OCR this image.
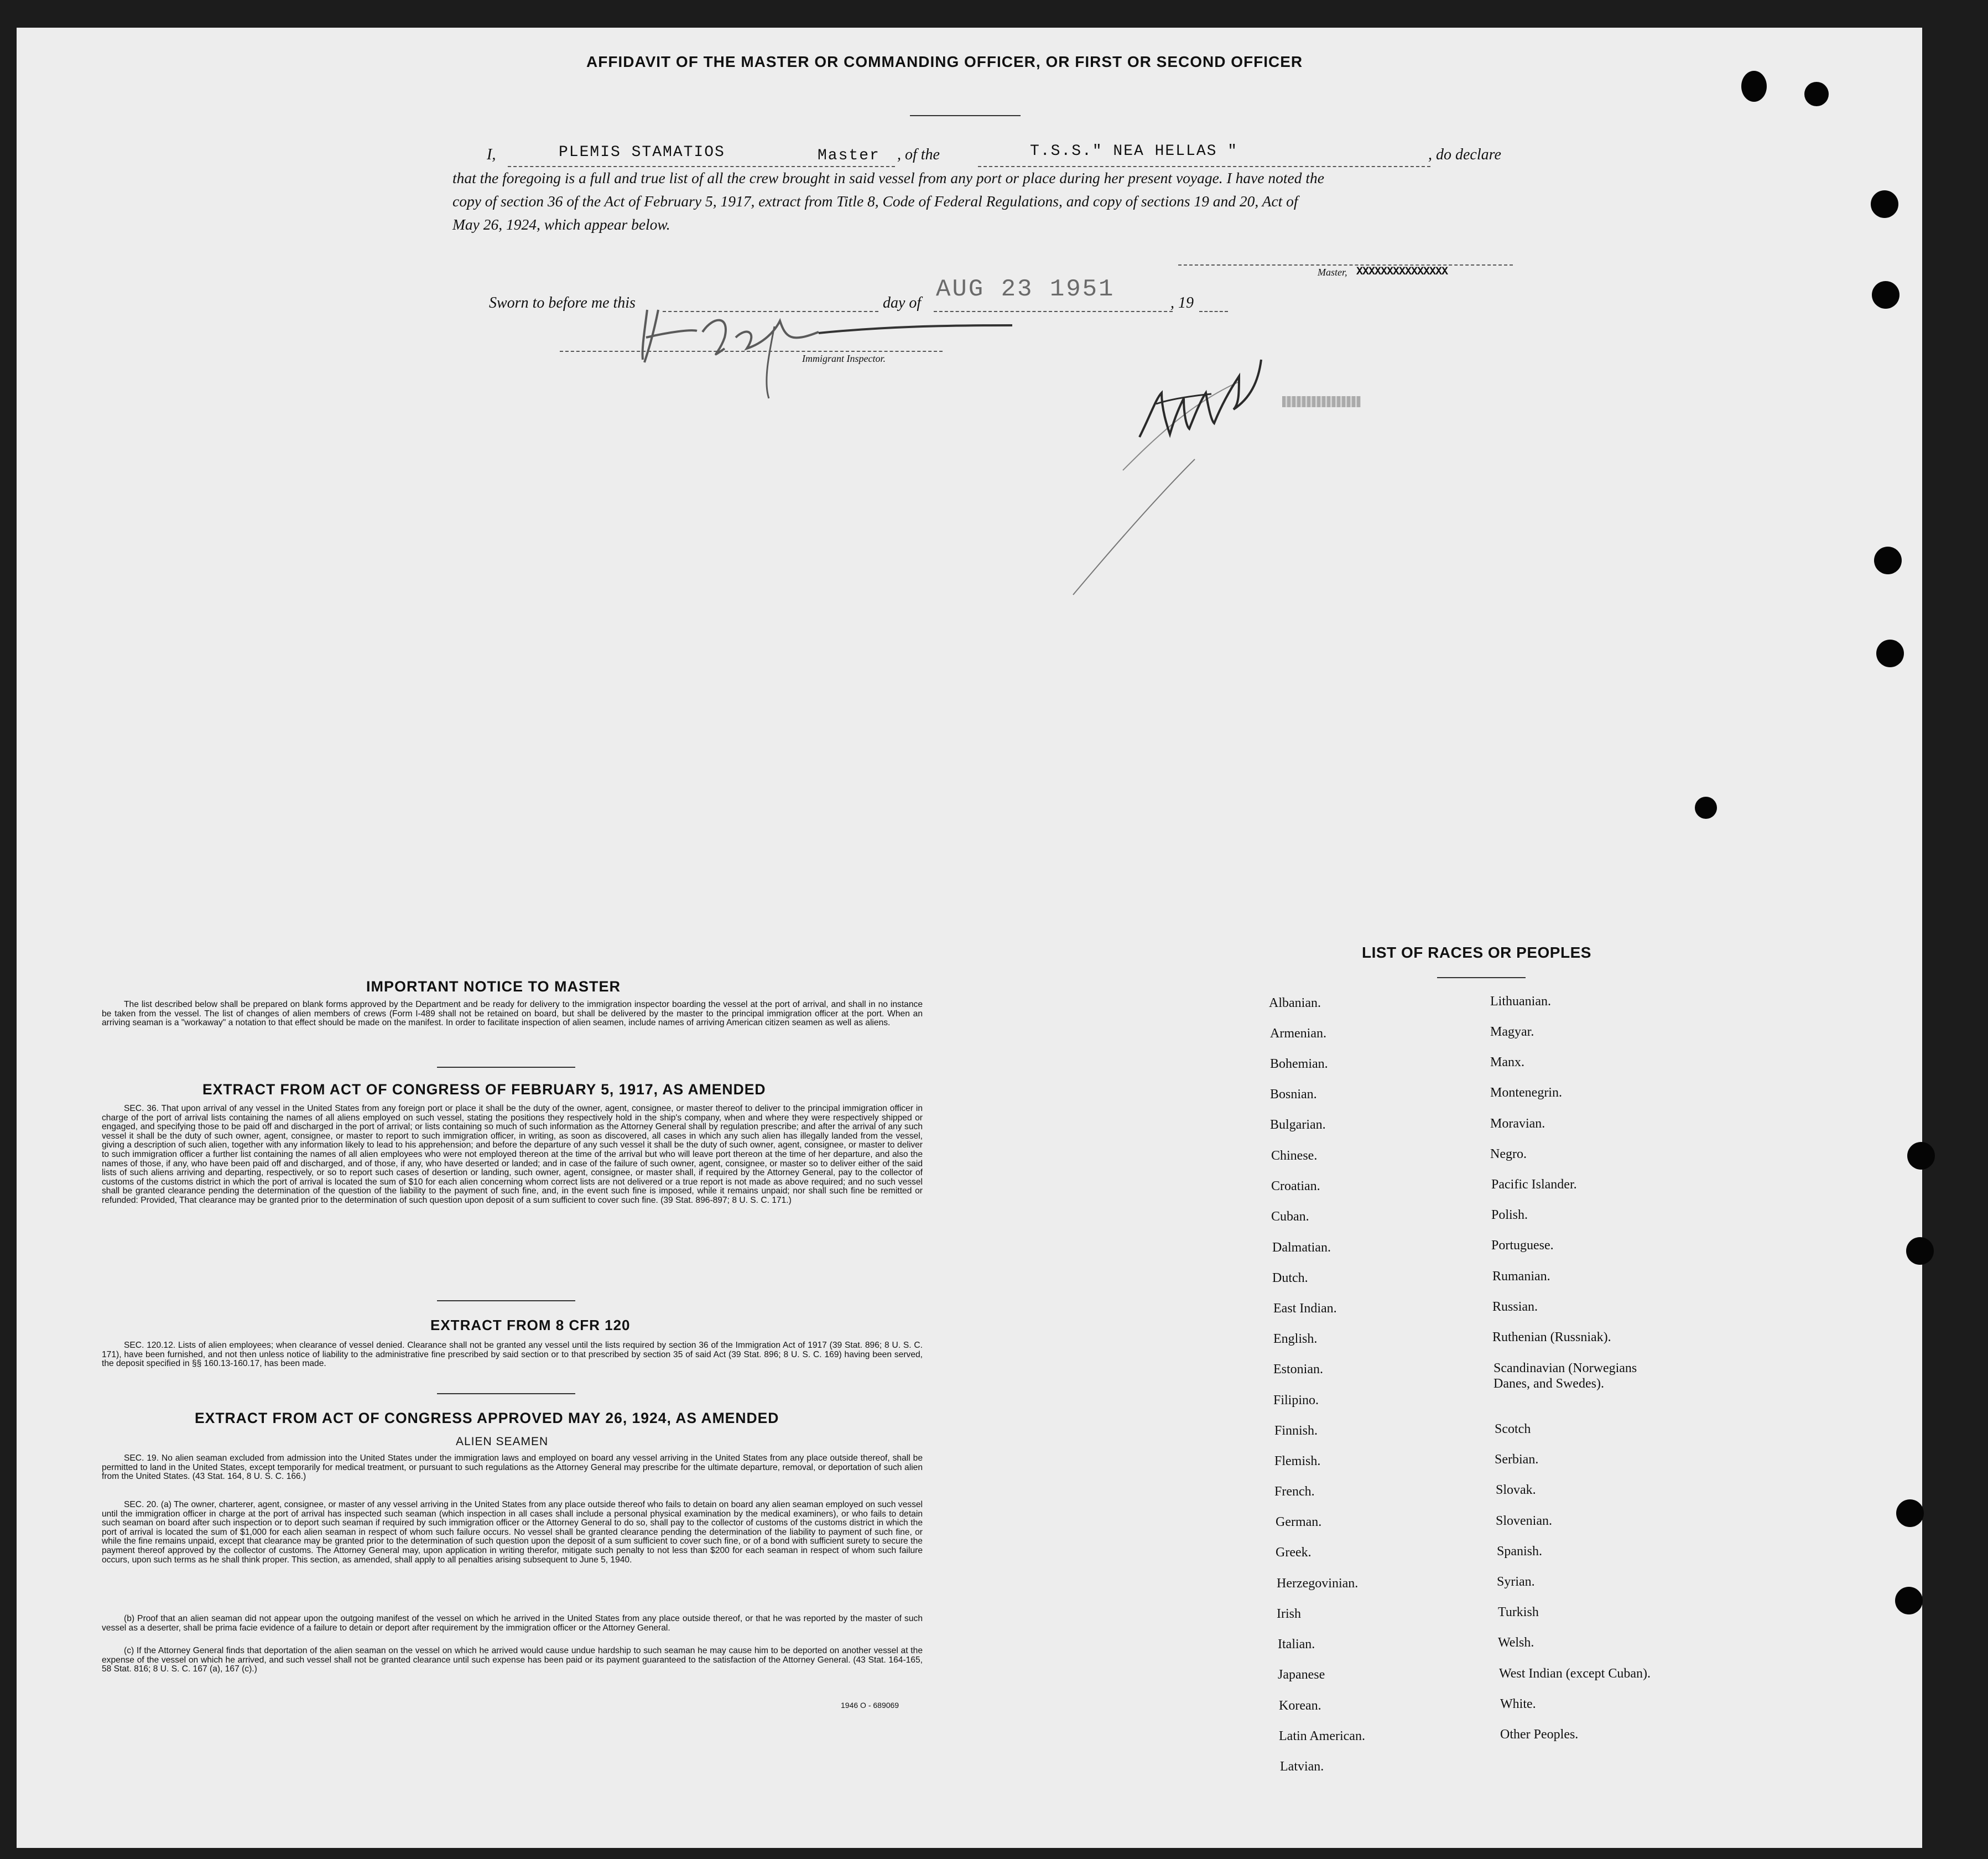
AFFIDAVIT OF THE MASTER OR COMMANDING OFFICER, OR FIRST OR SECOND OFFICER
I,	PLEMIS STAMATIOS	Master , of the	T.S.S." NEA HELLAS "	, do declare
that the foregoing is a full and true list of all the crew brought in said vessel from any port or place during her present voyage. I have noted the
copy of section 36 of the Act of February 5, 1917, extract from Title 8, Code of Federal Regulations, and copy of sections 19 and 20, Act of
May 26, 1924, which appear below.
Master, XXXXXXXXXXXXXXX
Sworn to before me this	day of AUG 23 1951	, 19
Immigrant Inspector.
IMPORTANT NOTICE TO MASTER
The list described below shall be prepared on blank forms approved by the Department and be ready for delivery to the immigration inspector boarding the vessel at the port of arrival, and shall in no instance be taken from the vessel. The list of changes of alien members of crews (Form I-489 shall not be retained on board, but shall be delivered by the master to the principal immigration officer at the port. When an arriving seaman is a "workaway" a notation to that effect should be made on the manifest. In order to facilitate inspection of alien seamen, include names of arriving American citizen seamen as well as aliens.
EXTRACT FROM ACT OF CONGRESS OF FEBRUARY 5, 1917, AS AMENDED
SEC. 36. That upon arrival of any vessel in the United States from any foreign port or place it shall be the duty of the owner, agent, consignee, or master thereof to deliver to the principal immigration officer in charge of the port of arrival lists containing the names of all aliens employed on such vessel, stating the positions they respectively hold in the ship's company, when and where they were respectively shipped or engaged, and specifying those to be paid off and discharged in the port of arrival; or lists containing so much of such information as the Attorney General shall by regulation prescribe; and after the arrival of any such vessel it shall be the duty of such owner, agent, consignee, or master to report to such immigration officer, in writing, as soon as discovered, all cases in which any such alien has illegally landed from the vessel, giving a description of such alien, together with any information likely to lead to his apprehension; and before the departure of any such vessel it shall be the duty of such owner, agent, consignee, or master to deliver to such immigration officer a further list containing the names of all alien employees who were not employed thereon at the time of the arrival but who will leave port thereon at the time of her departure, and also the names of those, if any, who have been paid off and discharged, and of those, if any, who have deserted or landed; and in case of the failure of such owner, agent, consignee, or master so to deliver either of the said lists of such aliens arriving and departing, respectively, or so to report such cases of desertion or landing, such owner, agent, consignee, or master shall, if required by the Attorney General, pay to the collector of customs of the customs district in which the port of arrival is located the sum of $10 for each alien concerning whom correct lists are not delivered or a true report is not made as above required; and no such vessel shall be granted clearance pending the determination of the question of the liability to the payment of such fine, and, in the event such fine is imposed, while it remains unpaid; nor shall such fine be remitted or refunded: Provided, That clearance may be granted prior to the determination of such question upon deposit of a sum sufficient to cover such fine. (39 Stat. 896-897; 8 U. S. C. 171.)
EXTRACT FROM 8 CFR 120
SEC. 120.12. Lists of alien employees; when clearance of vessel denied. Clearance shall not be granted any vessel until the lists required by section 36 of the Immigration Act of 1917 (39 Stat. 896; 8 U. S. C. 171), have been furnished, and not then unless notice of liability to the administrative fine prescribed by said section or to that prescribed by section 35 of said Act (39 Stat. 896; 8 U. S. C. 169) having been served, the deposit specified in §§ 160.13-160.17, has been made.
EXTRACT FROM ACT OF CONGRESS APPROVED MAY 26, 1924, AS AMENDED
ALIEN SEAMEN
SEC. 19. No alien seaman excluded from admission into the United States under the immigration laws and employed on board any vessel arriving in the United States from any place outside thereof, shall be permitted to land in the United States, except temporarily for medical treatment, or pursuant to such regulations as the Attorney General may prescribe for the ultimate departure, removal, or deportation of such alien from the United States. (43 Stat. 164, 8 U. S. C. 166.)
SEC. 20. (a) The owner, charterer, agent, consignee, or master of any vessel arriving in the United States from any place outside thereof who fails to detain on board any alien seaman employed on such vessel until the immigration officer in charge at the port of arrival has inspected such seaman (which inspection in all cases shall include a personal physical examination by the medical examiners), or who fails to detain such seaman on board after such inspection or to deport such seaman if required by such immigration officer or the Attorney General to do so, shall pay to the collector of customs of the customs district in which the port of arrival is located the sum of $1,000 for each alien seaman in respect of whom such failure occurs. No vessel shall be granted clearance pending the determination of the liability to payment of such fine, or while the fine remains unpaid, except that clearance may be granted prior to the determination of such question upon the deposit of a sum sufficient to cover such fine, or of a bond with sufficient surety to secure the payment thereof approved by the collector of customs. The Attorney General may, upon application in writing therefor, mitigate such penalty to not less than $200 for each seaman in respect of whom such failure occurs, upon such terms as he shall think proper. This section, as amended, shall apply to all penalties arising subsequent to June 5, 1940.
(b) Proof that an alien seaman did not appear upon the outgoing manifest of the vessel on which he arrived in the United States from any place outside thereof, or that he was reported by the master of such vessel as a deserter, shall be prima facie evidence of a failure to detain or deport after requirement by the immigration officer or the Attorney General.
(c) If the Attorney General finds that deportation of the alien seaman on the vessel on which he arrived would cause undue hardship to such seaman he may cause him to be deported on another vessel at the expense of the vessel on which he arrived, and such vessel shall not be granted clearance until such expense has been paid or its payment guaranteed to the satisfaction of the Attorney General. (43 Stat. 164-165, 58 Stat. 816; 8 U. S. C. 167 (a), 167 (c).)
1946 O - 689069
LIST OF RACES OR PEOPLES
Albanian.
Armenian.
Bohemian.
Bosnian.
Bulgarian.
Chinese.
Croatian.
Cuban.
Dalmatian.
Dutch.
East Indian.
English.
Estonian.
Filipino.
Finnish.
Flemish.
French.
German.
Greek.
Herzegovinian.
Irish
Italian.
Japanese
Korean.
Latin American.
Latvian.
Lithuanian.
Magyar.
Manx.
Montenegrin.
Moravian.
Negro.
Pacific Islander.
Polish.
Portuguese.
Rumanian.
Russian.
Ruthenian (Russniak).
Scandinavian (Norwegians
Danes, and Swedes).
Scotch
Serbian.
Slovak.
Slovenian.
Spanish.
Syrian.
Turkish
Welsh.
West Indian (except Cuban).
White.
Other Peoples.
